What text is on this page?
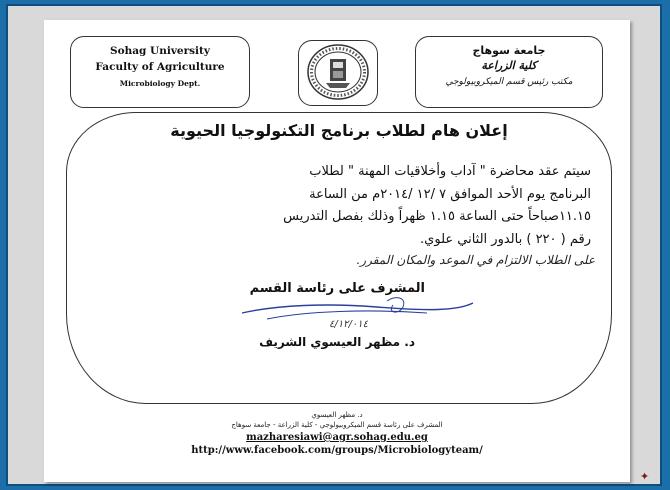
Sohag University
Faculty of Agriculture
Microbiology Dept.
جامعة سوهاج
كلية الزراعة
مكتب رئيس قسم الميكروبيولوجي
إعلان هام لطلاب برنامج التكنولوجيا الحيوية
سيتم عقد محاضرة " آداب وأخلاقيات المهنة " لطلاب
البرنامج يوم الأحد الموافق ٧ /١٢ /٢٠١٤م من الساعة
١١.١٥صباحاً حتى الساعة ١.١٥ ظهراً وذلك بفصل التدريس
رقم ( ٢٢٠ ) بالدور الثاني علوي.
على الطلاب الالتزام في الموعد والمكان المقرر.
المشرف على رئاسة القسم
٤/١٢/٠١٤
د. مظهر العيسوي الشريف
د. مظهر العيسوي
المشرف على رئاسة قسم الميكروبيولوجي - كلية الزراعة - جامعة سوهاج
mazharesiawi@agr.sohag.edu.eg
http://www.facebook.com/groups/Microbiologyteam/
✦
